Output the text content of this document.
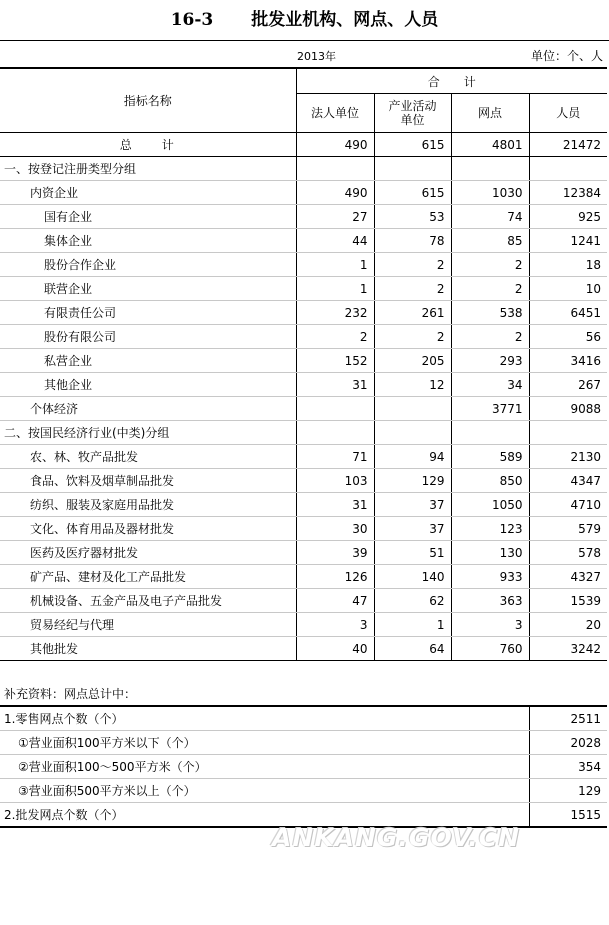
16-3 批发业机构、网点、人员
2013年	单位：个、人
指标名称	合　　计			
	法人单位	产业活动单位	网点	人员
总　　计	490	615	4801	21472
一、按登记注册类型分组				
内资企业	490	615	1030	12384
国有企业	27	53	74	925
集体企业	44	78	85	1241
股份合作企业	1	2	2	18
联营企业	1	2	2	10
有限责任公司	232	261	538	6451
股份有限公司	2	2	2	56
私营企业	152	205	293	3416
其他企业	31	12	34	267
个体经济			3771	9088
二、按国民经济行业(中类)分组				
农、林、牧产品批发	71	94	589	2130
食品、饮料及烟草制品批发	103	129	850	4347
纺织、服装及家庭用品批发	31	37	1050	4710
文化、体育用品及器材批发	30	37	123	579
医药及医疗器材批发	39	51	130	578
矿产品、建材及化工产品批发	126	140	933	4327
机械设备、五金产品及电子产品批发	47	62	363	1539
贸易经纪与代理	3	1	3	20
其他批发	40	64	760	3242
补充资料：网点总计中：	
1.零售网点个数（个）	2511
①营业面积100平方米以下（个）	2028
②营业面积100～500平方米（个）	354
③营业面积500平方米以上（个）	129
2.批发网点个数（个）	1515
ANKANG.GOV.CN
